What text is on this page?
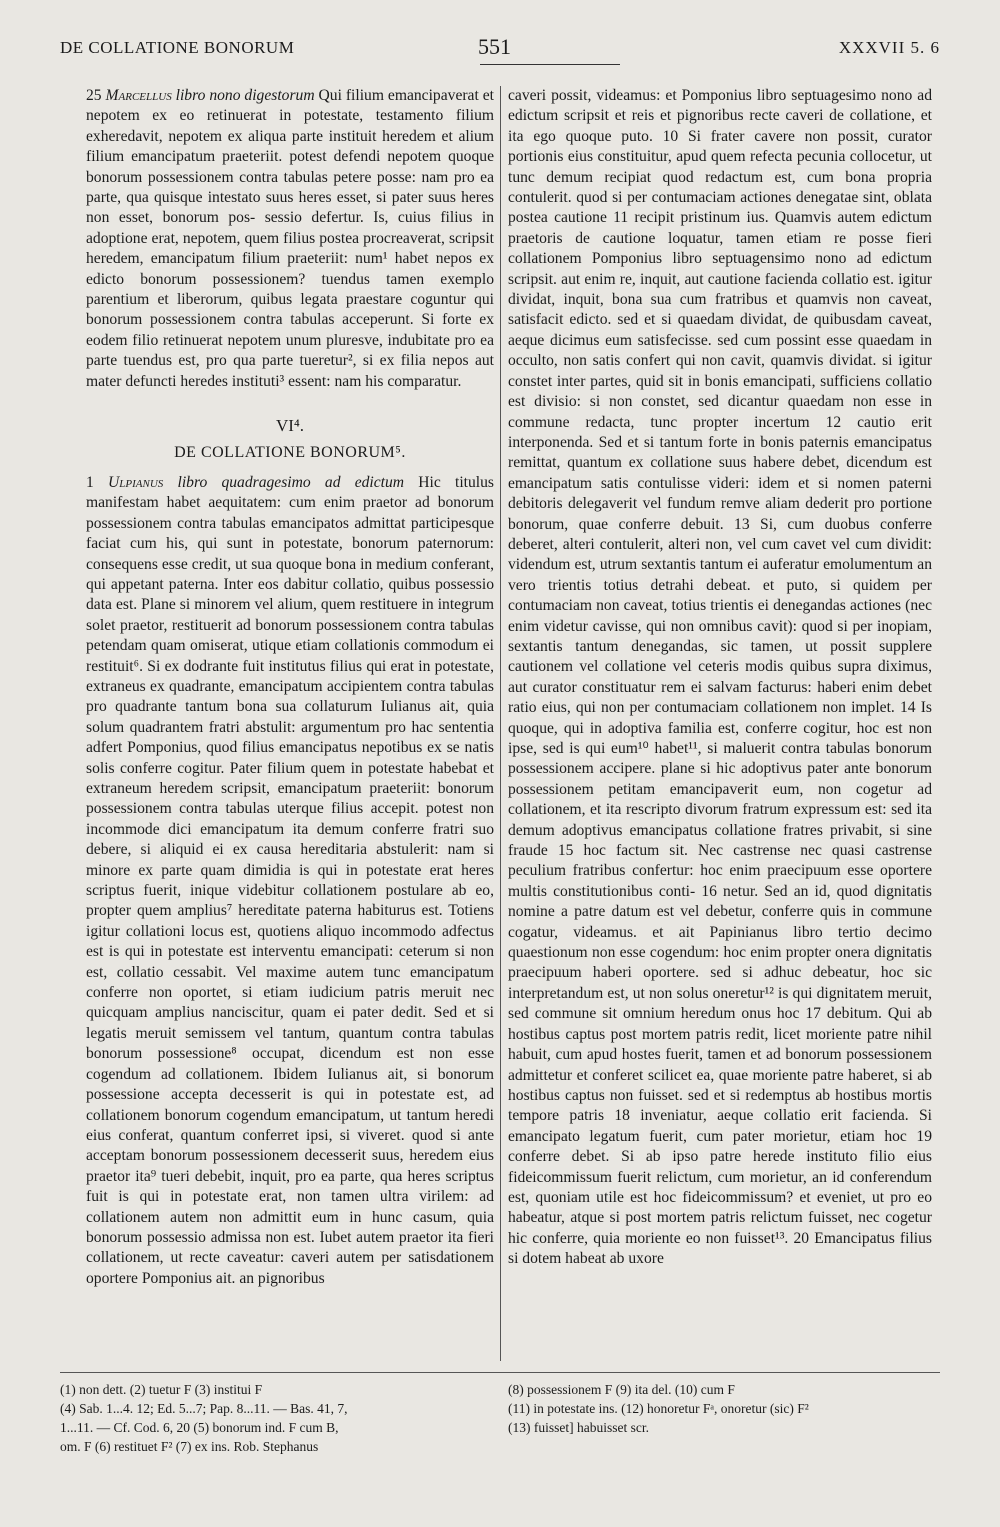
DE COLLATIONE BONORUM	551	XXXVII 5. 6

25 Marcellus libro nono digestorum Qui filium emancipaverat et nepotem ex eo retinuerat in potestate, testamento filium exheredavit, nepotem ex aliqua parte instituit heredem et alium filium emancipatum praeteriit. potest defendi nepotem quoque bonorum possessionem contra tabulas petere posse: nam pro ea parte, qua quisque intestato suus heres esset, si pater suus heres non esset, bonorum pos- sessio defertur. Is, cuius filius in adoptione erat, nepotem, quem filius postea procreaverat, scripsit heredem, emancipatum filium praeteriit: num¹ habet nepos ex edicto bonorum possessionem? tuendus tamen exemplo parentium et liberorum, quibus legata praestare coguntur qui bonorum possessionem contra tabulas acceperunt. Si forte ex eodem filio retinuerat nepotem unum pluresve, indubitate pro ea parte tuendus est, pro qua parte tueretur², si ex filia nepos aut mater defuncti heredes instituti³ essent: nam his comparatur.

VI⁴.
DE COLLATIONE BONORUM⁵.

1 Ulpianus libro quadragesimo ad edictum Hic titulus manifestam habet aequitatem: cum enim praetor ad bonorum possessionem contra tabulas emancipatos admittat participesque faciat cum his, qui sunt in potestate, bonorum paternorum: consequens esse credit, ut sua quoque bona in medium conferant, qui appetant paterna. Inter eos dabitur collatio, quibus possessio data est. Plane si minorem vel alium, quem restituere in integrum solet praetor, restituerit ad bonorum possessionem contra tabulas petendam quam omiserat, utique etiam collationis commodum ei restituit⁶. Si ex dodrante fuit institutus filius qui erat in potestate, extraneus ex quadrante, emancipatum accipientem contra tabulas pro quadrante tantum bona sua collaturum Iulianus ait, quia solum quadrantem fratri abstulit: argumentum pro hac sententia adfert Pomponius, quod filius emancipatus nepotibus ex se natis solis conferre cogitur. Pater filium quem in potestate habebat et extraneum heredem scripsit, emancipatum praeteriit: bonorum possessionem contra tabulas uterque filius accepit. potest non incommode dici emancipatum ita demum conferre fratri suo debere, si aliquid ei ex causa hereditaria abstulerit: nam si minore ex parte quam dimidia is qui in potestate erat heres scriptus fuerit, inique videbitur collationem postulare ab eo, propter quem amplius⁷ hereditate paterna habiturus est. Totiens igitur collationi locus est, quotiens aliquo incommodo adfectus est is qui in potestate est interventu emancipati: ceterum si non est, collatio cessabit. Vel maxime autem tunc emancipatum conferre non oportet, si etiam iudicium patris meruit nec quicquam amplius nanciscitur, quam ei pater dedit. Sed et si legatis meruit semissem vel tantum, quantum contra tabulas bonorum possessione⁸ occupat, dicendum est non esse cogendum ad collationem. Ibidem Iulianus ait, si bonorum possessione accepta decesserit is qui in potestate est, ad collationem bonorum cogendum emancipatum, ut tantum heredi eius conferat, quantum conferret ipsi, si viveret. quod si ante acceptam bonorum possessionem decesserit suus, heredem eius praetor ita⁹ tueri debebit, inquit, pro ea parte, qua heres scriptus fuit is qui in potestate erat, non tamen ultra virilem: ad collationem autem non admittit eum in hunc casum, quia bonorum possessio admissa non est. Iubet autem praetor ita fieri collationem, ut recte caveatur: caveri autem per satisdationem oportere Pomponius ait. an pignoribus

caveri possit, videamus: et Pomponius libro septuagesimo nono ad edictum scripsit et reis et pignoribus recte caveri de collatione, et ita ego quoque puto. 10 Si frater cavere non possit, curator portionis eius constituitur, apud quem refecta pecunia collocetur, ut tunc demum recipiat quod redactum est, cum bona propria contulerit. quod si per contumaciam actiones denegatae sint, oblata postea cautione 11 recipit pristinum ius. Quamvis autem edictum praetoris de cautione loquatur, tamen etiam re posse fieri collationem Pomponius libro septuagensimo nono ad edictum scripsit. aut enim re, inquit, aut cautione facienda collatio est. igitur dividat, inquit, bona sua cum fratribus et quamvis non caveat, satisfacit edicto. sed et si quaedam dividat, de quibusdam caveat, aeque dicimus eum satisfecisse. sed cum possint esse quaedam in occulto, non satis confert qui non cavit, quamvis dividat. si igitur constet inter partes, quid sit in bonis emancipati, sufficiens collatio est divisio: si non constet, sed dicantur quaedam non esse in commune redacta, tunc propter incertum 12 cautio erit interponenda. Sed et si tantum forte in bonis paternis emancipatus remittat, quantum ex collatione suus habere debet, dicendum est emancipatum satis contulisse videri: idem et si nomen paterni debitoris delegaverit vel fundum remve aliam dederit pro portione bonorum, quae conferre debuit. 13 Si, cum duobus conferre deberet, alteri contulerit, alteri non, vel cum cavet vel cum dividit: videndum est, utrum sextantis tantum ei auferatur emolumentum an vero trientis totius detrahi debeat. et puto, si quidem per contumaciam non caveat, totius trientis ei denegandas actiones (nec enim videtur cavisse, qui non omnibus cavit): quod si per inopiam, sextantis tantum denegandas, sic tamen, ut possit supplere cautionem vel collatione vel ceteris modis quibus supra diximus, aut curator constituatur rem ei salvam facturus: haberi enim debet ratio eius, qui non per contumaciam collationem non implet. 14 Is quoque, qui in adoptiva familia est, conferre cogitur, hoc est non ipse, sed is qui eum¹⁰ habet¹¹, si maluerit contra tabulas bonorum possessionem accipere. plane si hic adoptivus pater ante bonorum possessionem petitam emancipaverit eum, non cogetur ad collationem, et ita rescripto divorum fratrum expressum est: sed ita demum adoptivus emancipatus collatione fratres privabit, si sine fraude 15 hoc factum sit. Nec castrense nec quasi castrense peculium fratribus confertur: hoc enim praecipuum esse oportere multis constitutionibus conti- 16 netur. Sed an id, quod dignitatis nomine a patre datum est vel debetur, conferre quis in commune cogatur, videamus. et ait Papinianus libro tertio decimo quaestionum non esse cogendum: hoc enim propter onera dignitatis praecipuum haberi oportere. sed si adhuc debeatur, hoc sic interpretandum est, ut non solus oneretur¹² is qui dignitatem meruit, sed commune sit omnium heredum onus hoc 17 debitum. Qui ab hostibus captus post mortem patris redit, licet moriente patre nihil habuit, cum apud hostes fuerit, tamen et ad bonorum possessionem admittetur et conferet scilicet ea, quae moriente patre haberet, si ab hostibus captus non fuisset. sed et si redemptus ab hostibus mortis tempore patris 18 inveniatur, aeque collatio erit facienda. Si emancipato legatum fuerit, cum pater morietur, etiam hoc 19 conferre debet. Si ab ipso patre herede instituto filio eius fideicommissum fuerit relictum, cum morietur, an id conferendum est, quoniam utile est hoc fideicommissum? et eveniet, ut pro eo habeatur, atque si post mortem patris relictum fuisset, nec cogetur hic conferre, quia moriente eo non fuisset¹³. 20 Emancipatus filius si dotem habeat ab uxore

(1) non dett. (2) tuetur F (3) institui F
(4) Sab. 1...4. 12; Ed. 5...7; Pap. 8...11. — Bas. 41, 7,
1...11. — Cf. Cod. 6, 20 (5) bonorum ind. F cum B,
om. F (6) restituet F² (7) ex ins. Rob. Stephanus
(8) possessionem F (9) ita del. (10) cum F
(11) in potestate ins. (12) honoretur Fᵃ, onoretur (sic) F²
(13) fuisset] habuisset scr.
